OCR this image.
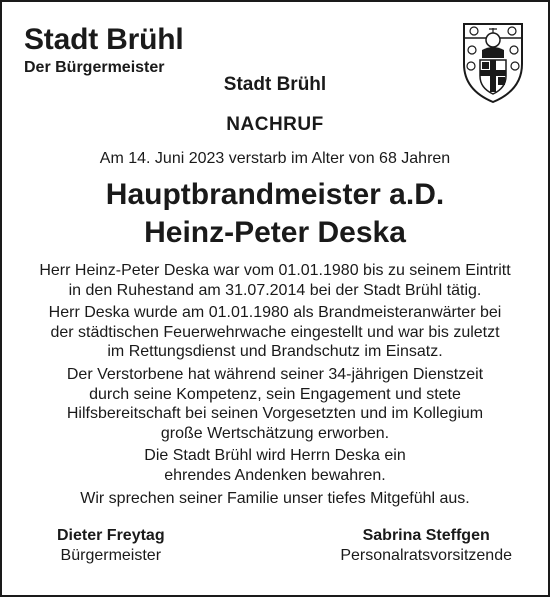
Stadt Brühl
Der Bürgermeister
Stadt Brühl
NACHRUF
Am 14. Juni 2023 verstarb im Alter von 68 Jahren
Hauptbrandmeister a.D.
Heinz-Peter Deska

Herr Heinz-Peter Deska war vom 01.01.1980 bis zu seinem Eintritt
in den Ruhestand am 31.07.2014 bei der Stadt Brühl tätig.

Herr Deska wurde am 01.01.1980 als Brandmeisteranwärter bei
der städtischen Feuerwehrwache eingestellt und war bis zuletzt
im Rettungsdienst und Brandschutz im Einsatz.

Der Verstorbene hat während seiner 34-jährigen Dienstzeit
durch seine Kompetenz, sein Engagement und stete
Hilfsbereitschaft bei seinen Vorgesetzten und im Kollegium
große Wertschätzung erworben.

Die Stadt Brühl wird Herrn Deska ein
ehrendes Andenken bewahren.

Wir sprechen seiner Familie unser tiefes Mitgefühl aus.

Dieter Freytag
Bürgermeister
Sabrina Steffgen
Personalratsvorsitzende
